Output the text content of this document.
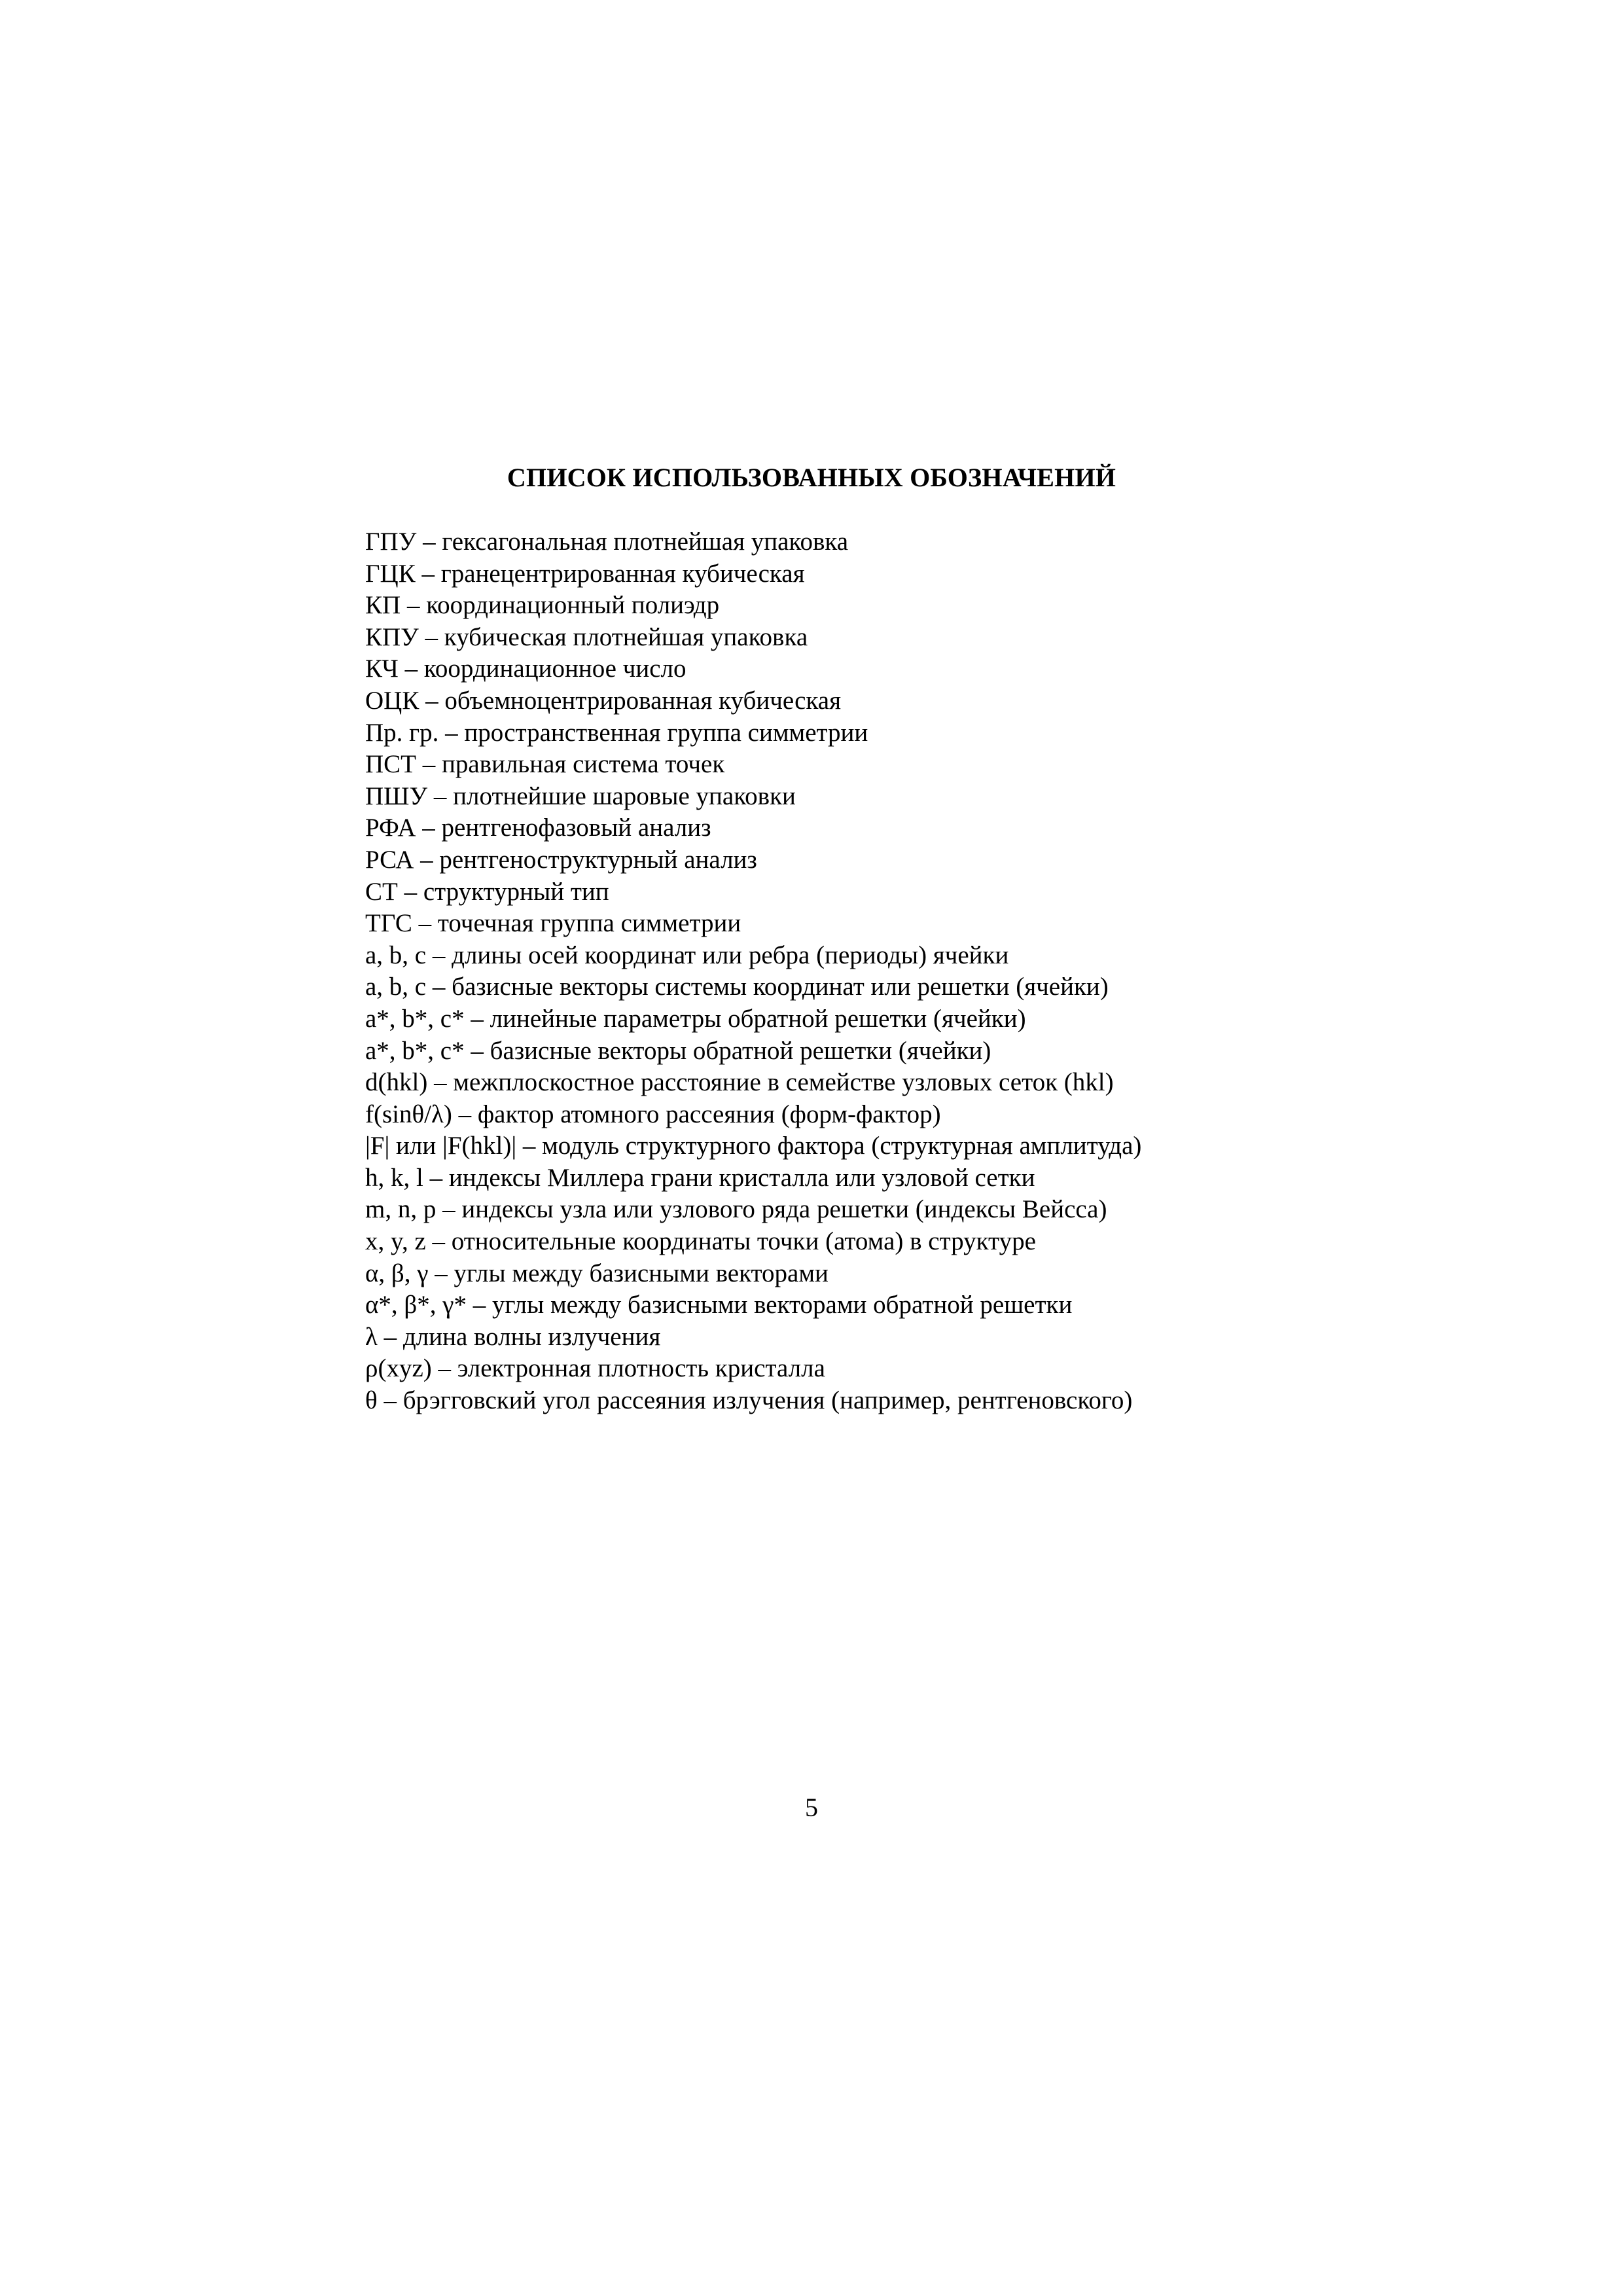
СПИСОК ИСПОЛЬЗОВАННЫХ ОБОЗНАЧЕНИЙ
ГПУ – гексагональная плотнейшая упаковка
ГЦК – гранецентрированная кубическая
КП – координационный полиэдр
КПУ – кубическая плотнейшая упаковка
КЧ – координационное число
ОЦК – объемноцентрированная кубическая
Пр. гр. – пространственная группа симметрии
ПСТ – правильная система точек
ПШУ – плотнейшие шаровые упаковки
РФА – рентгенофазовый анализ
РСА – рентгеноструктурный анализ
СТ – структурный тип
ТГС – точечная группа симметрии
a, b, c – длины осей координат или ребра (периоды) ячейки
a, b, c – базисные векторы системы координат или решетки (ячейки)
a*, b*, c* – линейные параметры обратной решетки (ячейки)
a*, b*, c* – базисные векторы обратной решетки (ячейки)
d(hkl) – межплоскостное расстояние в семействе узловых сеток (hkl)
f(sinθ/λ) – фактор атомного рассеяния (форм-фактор)
|F| или |F(hkl)| – модуль структурного фактора (структурная амплитуда)
h, k, l – индексы Миллера грани кристалла или узловой сетки
m, n, p – индексы узла или узлового ряда решетки (индексы Вейсса)
x, y, z – относительные координаты точки (атома) в структуре
α, β, γ – углы между базисными векторами
α*, β*, γ* – углы между базисными векторами обратной решетки
λ – длина волны излучения
ρ(xyz) – электронная плотность кристалла
θ – брэгговский угол рассеяния излучения (например, рентгеновского)
5
